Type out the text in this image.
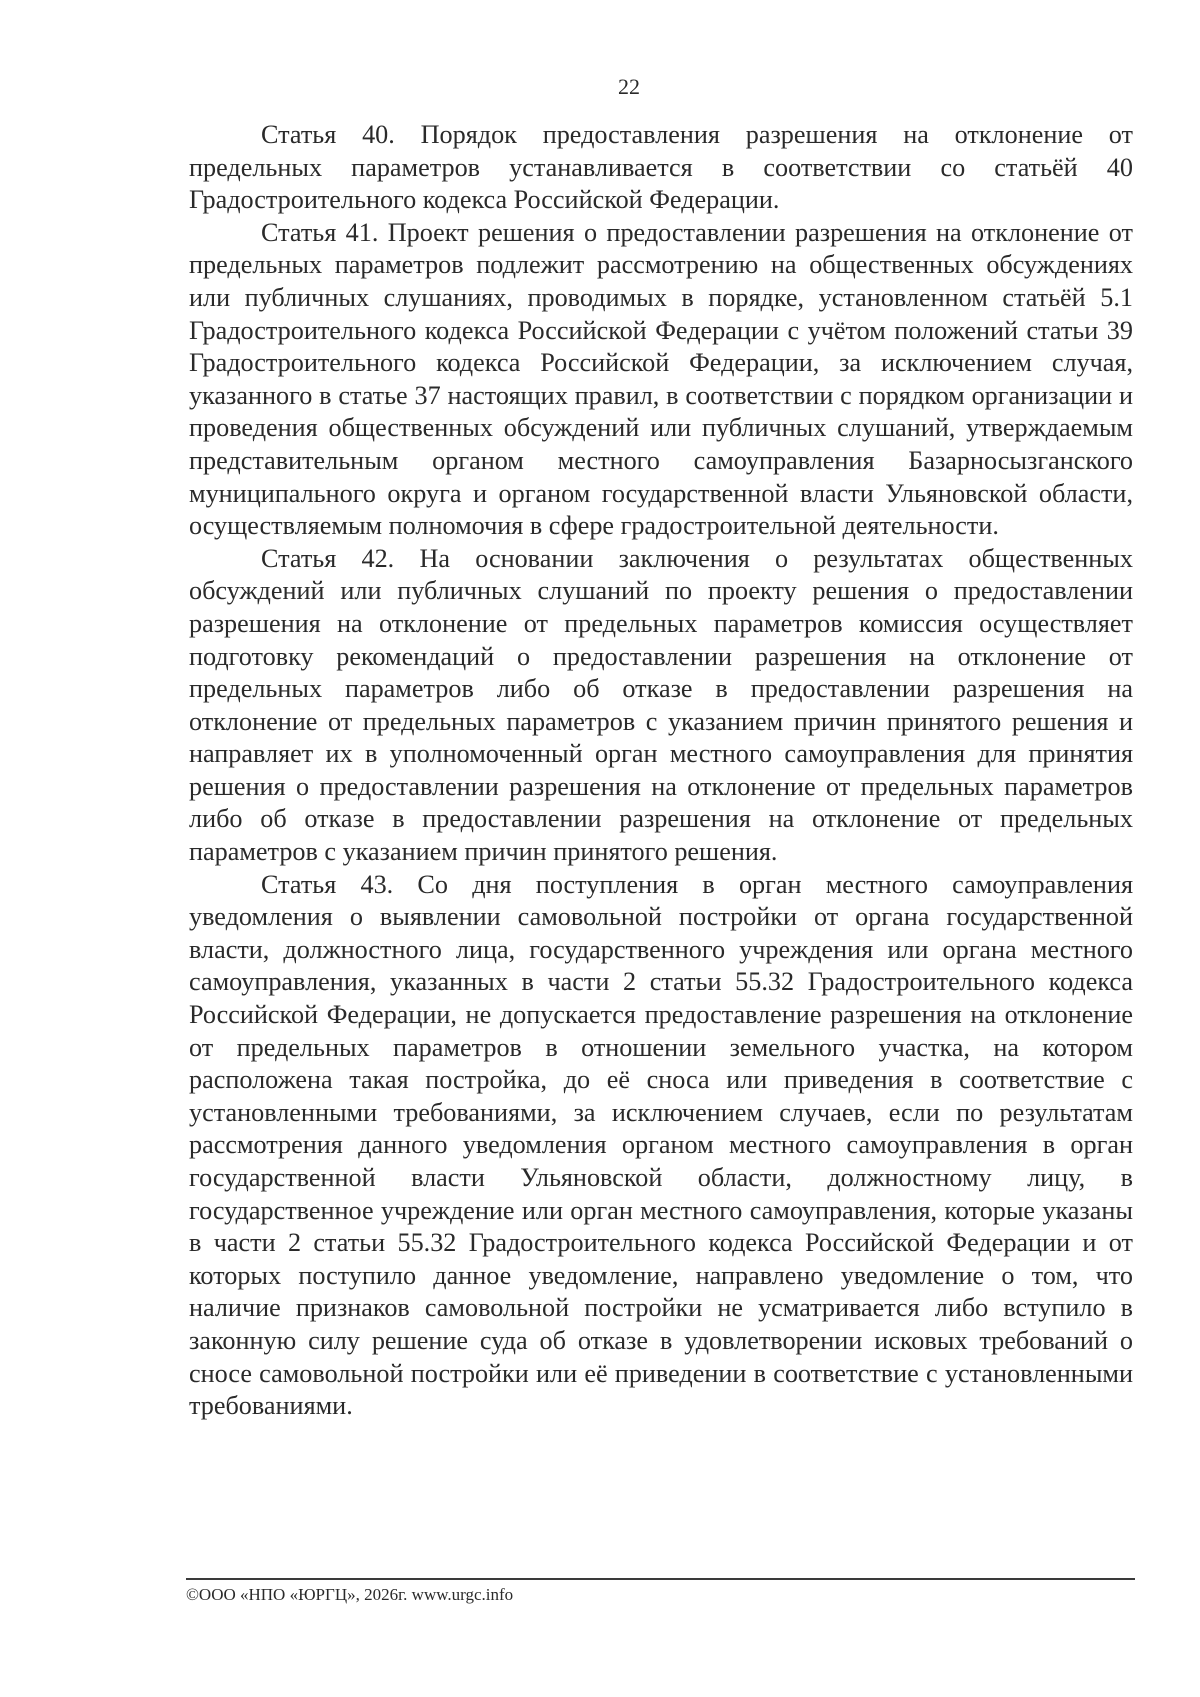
22

Статья 40. Порядок предоставления разрешения на отклонение от предельных параметров устанавливается в соответствии со статьёй 40 Градостроительного кодекса Российской Федерации.

Статья 41. Проект решения о предоставлении разрешения на отклонение от предельных параметров подлежит рассмотрению на общественных обсуждениях или публичных слушаниях, проводимых в порядке, установленном статьёй 5.1 Градостроительного кодекса Российской Федерации с учётом положений статьи 39 Градостроительного кодекса Российской Федерации, за исключением случая, указанного в статье 37 настоящих правил, в соответствии с порядком организации и проведения общественных обсуждений или публичных слушаний, утверждаемым представительным органом местного самоуправления Базарносызганского муниципального округа и органом государственной власти Ульяновской области, осуществляемым полномочия в сфере градостроительной деятельности.

Статья 42. На основании заключения о результатах общественных обсуждений или публичных слушаний по проекту решения о предоставлении разрешения на отклонение от предельных параметров комиссия осуществляет подготовку рекомендаций о предоставлении разрешения на отклонение от предельных параметров либо об отказе в предоставлении разрешения на отклонение от предельных параметров с указанием причин принятого решения и направляет их в уполномоченный орган местного самоуправления для принятия решения о предоставлении разрешения на отклонение от предельных параметров либо об отказе в предоставлении разрешения на отклонение от предельных параметров с указанием причин принятого решения.

Статья 43. Со дня поступления в орган местного самоуправления уведомления о выявлении самовольной постройки от органа государственной власти, должностного лица, государственного учреждения или органа местного самоуправления, указанных в части 2 статьи 55.32 Градостроительного кодекса Российской Федерации, не допускается предоставление разрешения на отклонение от предельных параметров в отношении земельного участка, на котором расположена такая постройка, до её сноса или приведения в соответствие с установленными требованиями, за исключением случаев, если по результатам рассмотрения данного уведомления органом местного самоуправления в орган государственной власти Ульяновской области, должностному лицу, в государственное учреждение или орган местного самоуправления, которые указаны в части 2 статьи 55.32 Градостроительного кодекса Российской Федерации и от которых поступило данное уведомление, направлено уведомление о том, что наличие признаков самовольной постройки не усматривается либо вступило в законную силу решение суда об отказе в удовлетворении исковых требований о сносе самовольной постройки или её приведении в соответствие с установленными требованиями.

©ООО «НПО «ЮРГЦ», 2026г. www.urgc.info
